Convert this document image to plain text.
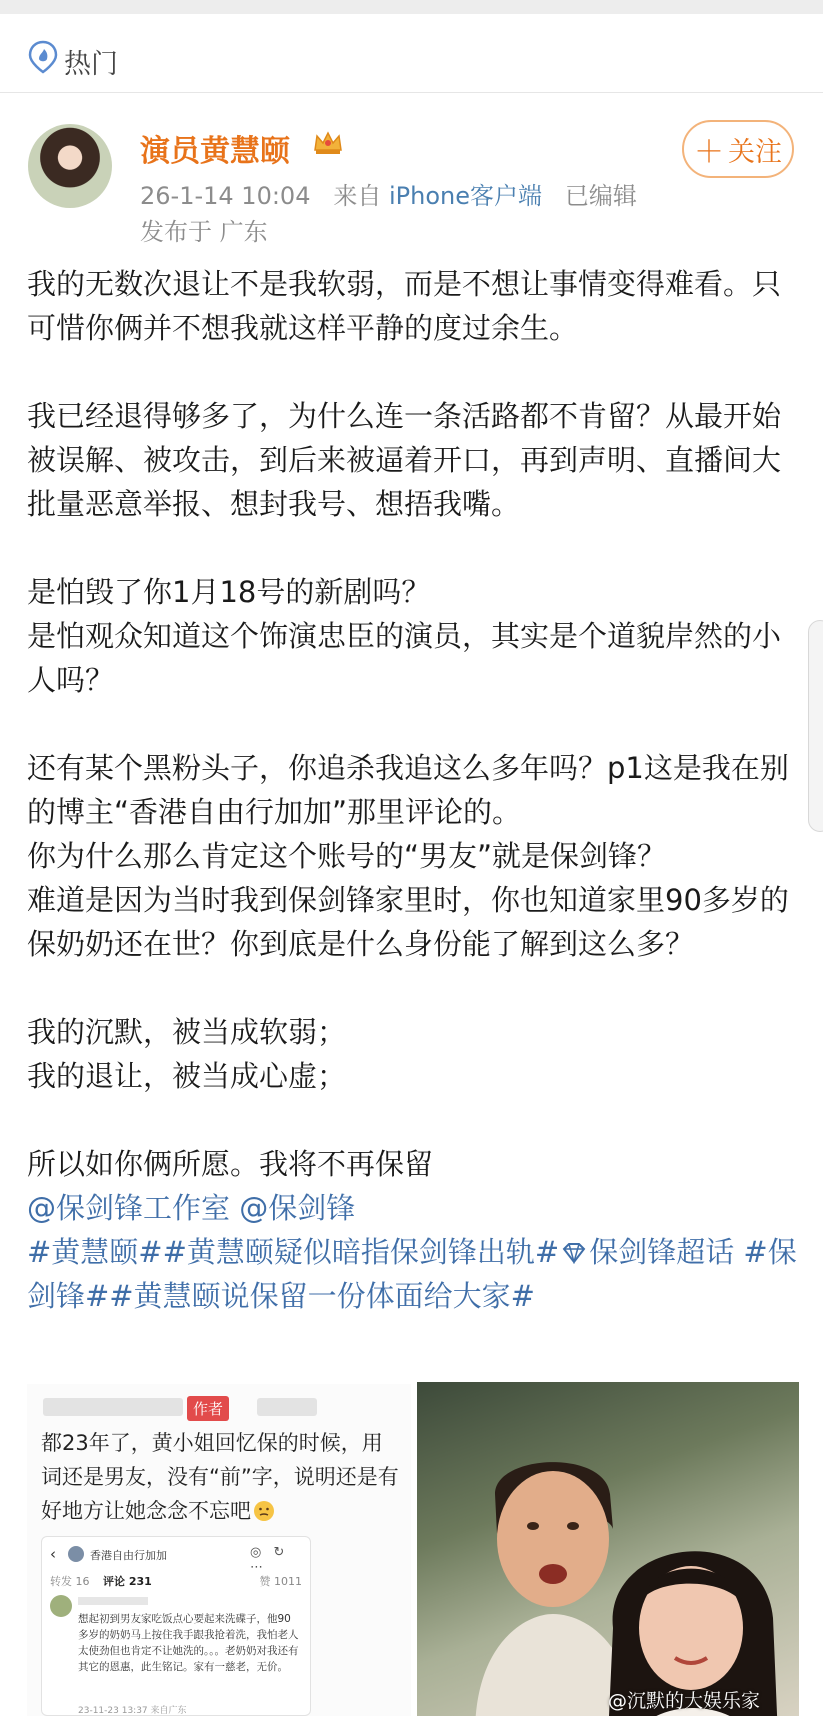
热门
演员黄慧颐
26-1-14 10:04 来自 iPhone客户端 已编辑
发布于 广东
＋ 关注

我的无数次退让不是我软弱，而是不想让事情变得难看。只可惜你俩并不想我就这样平静的度过余生。

我已经退得够多了，为什么连一条活路都不肯留？从最开始被误解、被攻击，到后来被逼着开口，再到声明、直播间大批量恶意举报、想封我号、想捂我嘴。

是怕毁了你1月18号的新剧吗？

是怕观众知道这个饰演忠臣的演员，其实是个道貌岸然的小人吗？

还有某个黑粉头子，你追杀我追这么多年吗？p1这是我在别的博主“香港自由行加加”那里评论的。

你为什么那么肯定这个账号的“男友”就是保剑锋？

难道是因为当时我到保剑锋家里时，你也知道家里90多岁的保奶奶还在世？你到底是什么身份能了解到这么多？

我的沉默，被当成软弱；

我的退让，被当成心虚；

所以如你俩所愿。我将不再保留

@保剑锋工作室 @保剑锋

#黄慧颐##黄慧颐疑似暗指保剑锋出轨# 保剑锋超话 #保剑锋##黄慧颐说保留一份体面给大家#

作者
都23年了，黄小姐回忆保的时候，用词还是男友，没有“前”字，说明还是有好地方让她念念不忘吧
‹	香港自由行加加	◎ ↻ ⋯
转发 16 评论 231	赞 1011
想起初到男友家吃饭点心要起来洗碟子，他90多岁的奶奶马上按住我手跟我抢着洗，我怕老人太使劲但也肯定不让她洗的。。。老奶奶对我还有其它的恩惠，此生铭记。家有一慈老，无价。
23-11-23 13:37 来自广东	@沉默的大娱乐家
